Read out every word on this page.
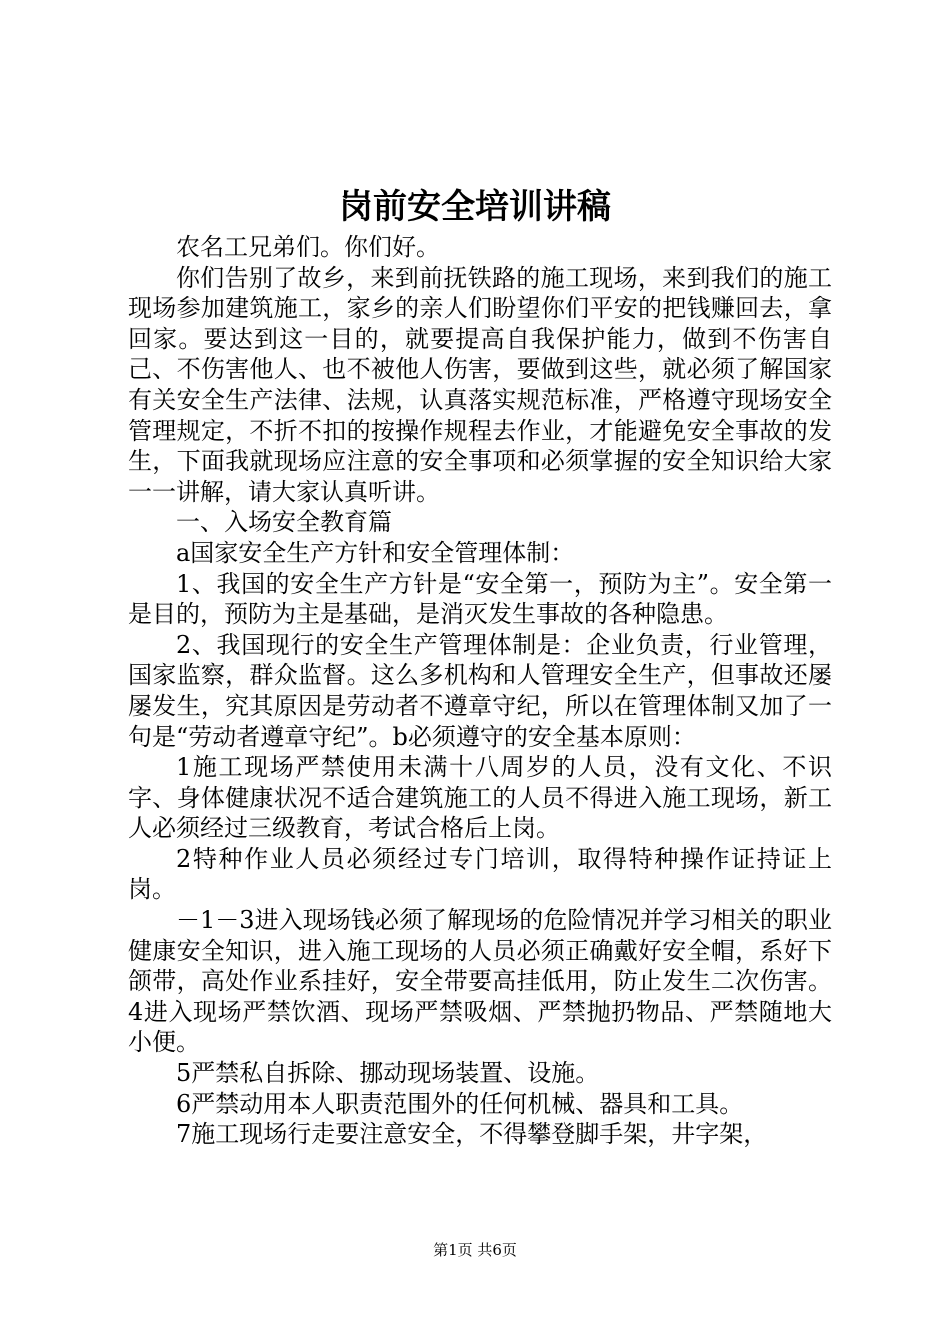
岗前安全培训讲稿

农名工兄弟们。你们好。

你们告别了故乡，来到前抚铁路的施工现场，来到我们的施工现场参加建筑施工，家乡的亲人们盼望你们平安的把钱赚回去，拿回家。要达到这一目的，就要提高自我保护能力，做到不伤害自己、不伤害他人、也不被他人伤害，要做到这些，就必须了解国家有关安全生产法律、法规，认真落实规范标准，严格遵守现场安全管理规定，不折不扣的按操作规程去作业，才能避免安全事故的发生，下面我就现场应注意的安全事项和必须掌握的安全知识给大家一一讲解，请大家认真听讲。

一、入场安全教育篇

a国家安全生产方针和安全管理体制：

1、我国的安全生产方针是“安全第一，预防为主”。安全第一是目的，预防为主是基础，是消灭发生事故的各种隐患。

2、我国现行的安全生产管理体制是：企业负责，行业管理，国家监察，群众监督。这么多机构和人管理安全生产，但事故还屡屡发生，究其原因是劳动者不遵章守纪，所以在管理体制又加了一句是“劳动者遵章守纪”。b必须遵守的安全基本原则：

1施工现场严禁使用未满十八周岁的人员，没有文化、不识字、身体健康状况不适合建筑施工的人员不得进入施工现场，新工人必须经过三级教育，考试合格后上岗。

2特种作业人员必须经过专门培训，取得特种操作证持证上岗。

－1－3进入现场钱必须了解现场的危险情况并学习相关的职业健康安全知识，进入施工现场的人员必须正确戴好安全帽，系好下颌带，高处作业系挂好，安全带要高挂低用，防止发生二次伤害。4进入现场严禁饮酒、现场严禁吸烟、严禁抛扔物品、严禁随地大小便。

5严禁私自拆除、挪动现场装置、设施。

6严禁动用本人职责范围外的任何机械、器具和工具。

7施工现场行走要注意安全，不得攀登脚手架，井字架，

第1页 共6页
